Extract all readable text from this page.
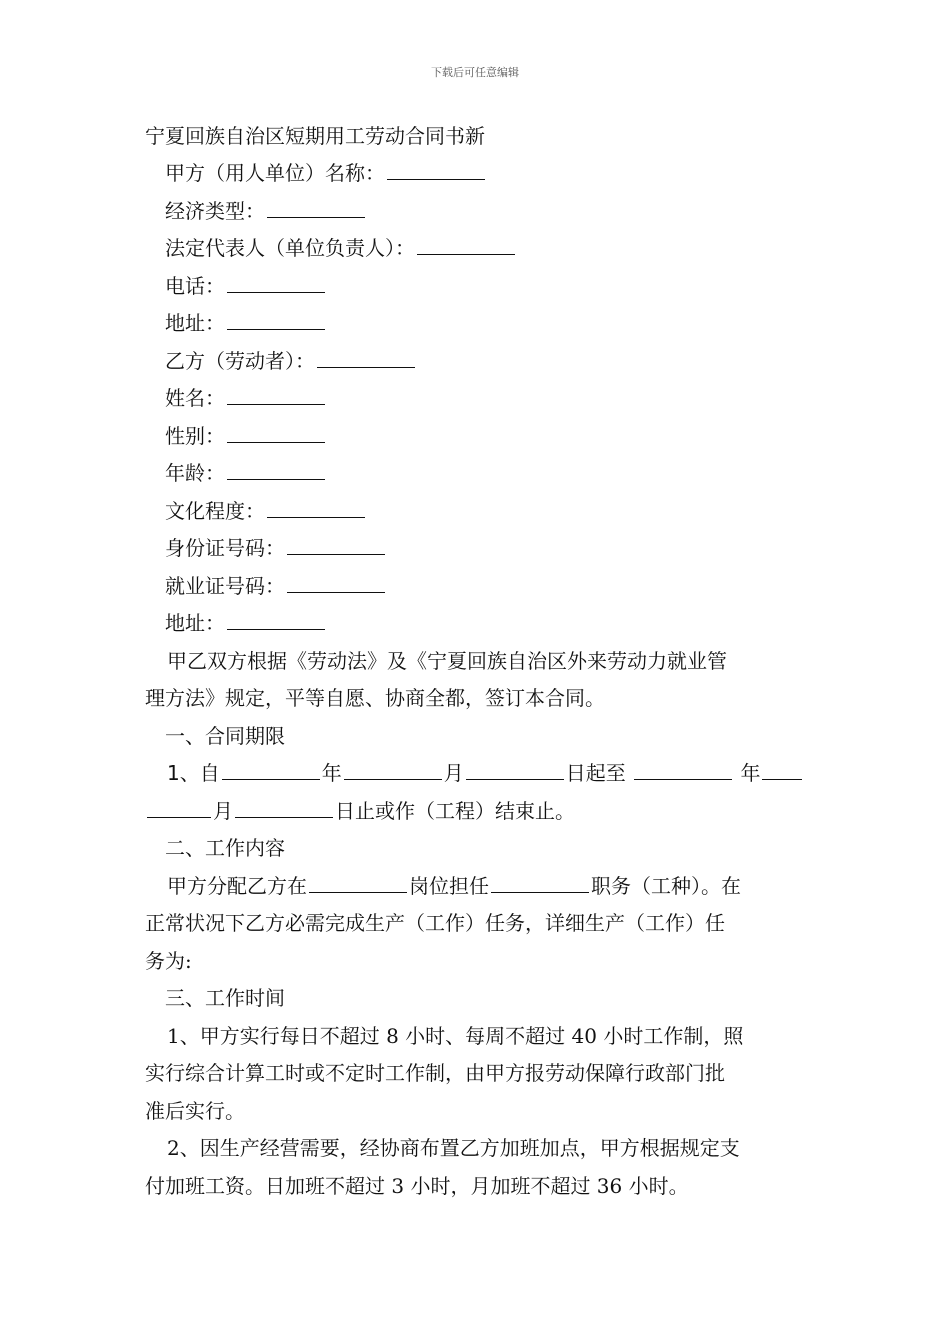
下载后可任意编辑
宁夏回族自治区短期用工劳动合同书新
甲方（用人单位）名称：
经济类型：
法定代表人（单位负责人）：
电话：
地址：
乙方（劳动者）：
姓名：
性别：
年龄：
文化程度：
身份证号码：
就业证号码：
地址：
甲乙双方根据《劳动法》及《宁夏回族自治区外来劳动力就业管
理方法》规定，平等自愿、协商全都，签订本合同。
一、合同期限
1、自	年	月	日起至	年
月	日止或作（工程）结束止。
二、工作内容
甲方分配乙方在	岗位担任	职务（工种）。在
正常状况下乙方必需完成生产（工作）任务，详细生产（工作）任
务为:
三、工作时间
1、甲方实行每日不超过 8 小时、每周不超过 40 小时工作制，照
实行综合计算工时或不定时工作制，由甲方报劳动保障行政部门批
准后实行。
2、因生产经营需要，经协商布置乙方加班加点，甲方根据规定支
付加班工资。日加班不超过 3 小时，月加班不超过 36 小时。
